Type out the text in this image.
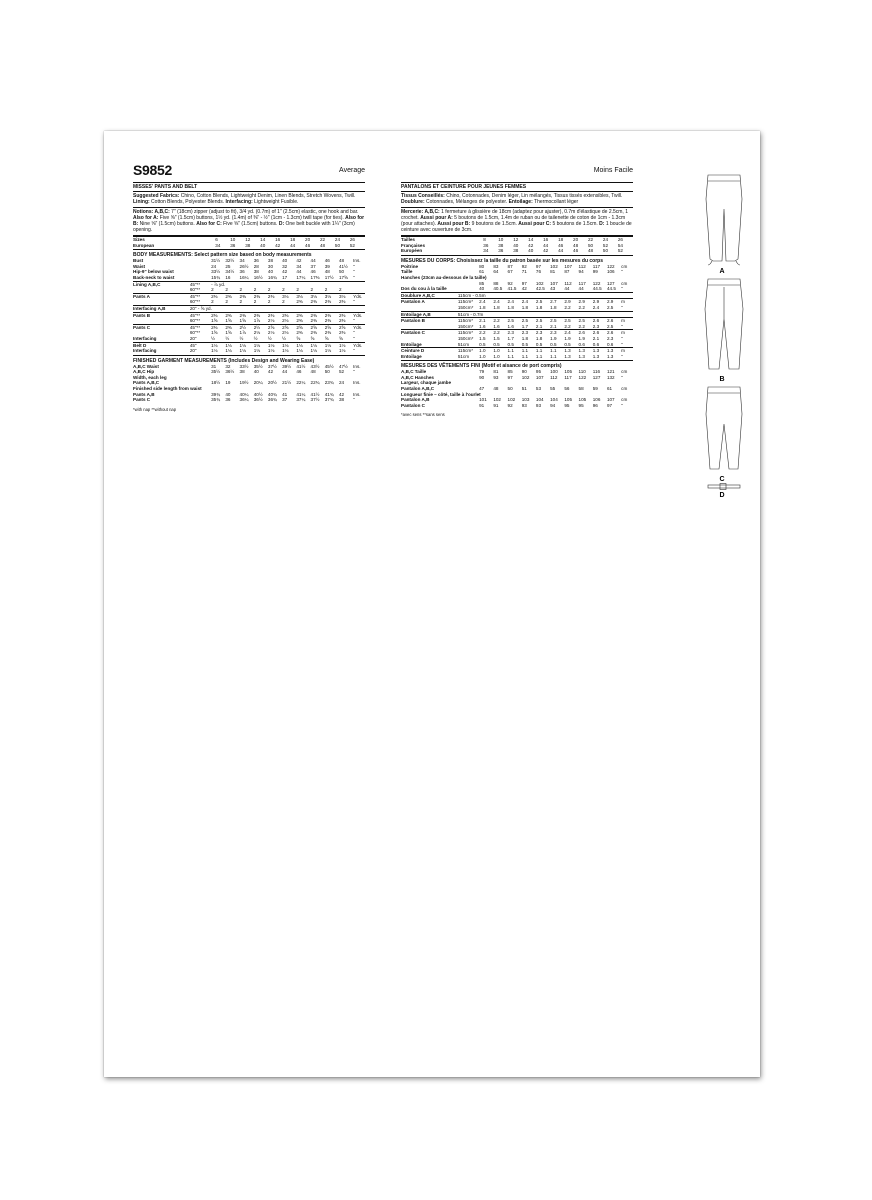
S9852	Average
MISSES' PANTS AND BELT
Suggested Fabrics: Chino, Cotton Blends, Lightweight Denim, Linen Blends, Stretch Wovens, Twill. Lining: Cotton Blends, Polyester Blends. Interfacing: Lightweight Fusible.
Notions: A,B,C: 7" (18cm) zipper (adjust to fit), 3/4 yd. (0.7m) of 1" (2.5cm) elastic, one hook and bar. Also for A: Five ⅝" (1.5cm) buttons, 1½ yd. (1.4m) of ⅜" - ½" (1cm - 1.3cm) twill tape (for ties). Also for B: Nine ⅝" (1.5cm) buttons. Also for C: Five ⅝" (1.5cm) buttons. D: One belt buckle with 1¼" (3cm) opening.
Sizes		6	10	12	14	16	18	20	22	24	26
European		34	36	38	40	42	44	46	48	50	52
BODY MEASUREMENTS: Select pattern size based on body measurements
Bust		31½	32½	34	36	38	40	42	44	46	48	Ins.
Waist		24	25	26½	28	30	32	34	37	39	41½	"
Hip-9" below waist		33½	34½	36	38	40	42	44	46	48	50	"
Back-neck to waist		15¾	16	16¼	16½	16¾	17	17¼	17⅜	17½	17⅝	"
Lining A,B,C	45"**	- ⅞ yd.										
	60"**	2	2	2	2	2	2	2	2	2	2	
Pants A	45"**	2⅜	2⅜	2⅜	2⅜	2⅜	3⅛	3⅛	3⅛	3⅛	3⅛	Yds.
	60"**	2	2	2	2	2	2	2⅜	2⅜	2⅜	2⅜	"
Interfacing A,B	20" - ⅝ yd.											
Pants B	45"**	2⅜	2⅜	2⅜	2⅜	2⅜	2⅜	2⅜	2⅜	2⅜	2⅜	Yds.
	60"**	1⅝	1⅝	1⅝	1⅞	2⅛	2⅛	2⅜	2⅜	2⅜	2⅜	"
Pants C	45"**	2⅜	2⅜	2½	2½	2⅝	2⅝	2⅝	2⅝	2⅝	2⅝	Yds.
	60"**	1⅝	1⅝	1⅞	2⅛	2⅛	2⅛	2⅜	2⅜	2⅜	2⅜	"
Interfacing	20"	½	½	½	½	½	½	⅝	⅝	⅝	⅝	"
Belt D	45"	1⅛	1⅛	1⅛	1⅛	1⅛	1⅛	1⅛	1⅛	1⅛	1⅛	Yds.
Interfacing	20"	1⅛	1⅛	1⅛	1⅛	1⅛	1⅛	1⅛	1⅛	1⅛	1⅛	"
FINISHED GARMENT MEASUREMENTS (Includes Design and Wearing Ease)
A,B,C Waist		31	32	33½	35½	37½	39½	41½	43½	45½	47½	Ins.
A,B,C Hip		35½	36½	38	40	42	44	46	48	50	52	"
Width, each leg												
Pants A,B,C		18½	19	19½	20¼	20½	21½	22¼	22¾	23¾	24	Ins.
Finished side length from waist												
Pants A,B		39¾	40	40¼	40½	40¾	41	41¼	41½	41¾	42	Ins.
Pants C		35¾	36	36¼	36½	36¾	37	37¼	37½	37¾	38	"
*with nap **without nap
Moins Facile
PANTALONS ET CEINTURE POUR JEUNES FEMMES
Tissus Conseillés: Chino, Cotonnades, Denim léger, Lin mélangés, Tissus tissés extensibles, Twill. Doublure: Cotonnades, Mélanges de polyester. Entoilage: Thermocollant léger
Mercerie: A,B,C: 1 fermeture à glissière de 18cm (adaptez pour ajuster), 0.7m d'élastique de 2.5cm, 1 crochet. Aussi pour A: 5 boutons de 1.5cm, 1.4m de ruban ou de tailenette de coton de 1cm - 1.3cm (pour attaches). Aussi pour B: 9 boutons de 1.5cm. Aussi pour C: 5 boutons de 1.5cm. D: 1 boucle de ceinture avec ouverture de 3cm.
Tailles		8	10	12	14	16	18	20	22	24	26
Françaises		36	38	40	42	44	46	48	50	52	54
Européen		34	36	38	40	42	44	46	48	50	52
MESURES DU CORPS: Choisissez la taille du patron basée sur les mesures du corps
Poitrine		80	83	87	92	97	102	107	112	117	122	cm
Taille		61	64	67	71	76	81	87	94	99	106	"
Hanches (23cm au-dessous de la taille)												
		85	88	92	97	102	107	112	117	122	127	cm
Dos du cou à la taille		40	40.5	41.5	42	42.5	43	44	44	44.5	44.5	"
Doublure A,B,C	115cm - 0.5m											
Pantalon A	115cm*	2.4	2.4	2.4	2.4	2.5	2.7	2.9	2.9	2.9	2.9	m
	150cm*	1.8	1.8	1.8	1.8	1.8	1.8	2.2	2.2	2.4	2.5	"
Entoilage A,B	51cm - 0.7m											
Pantalon B	115cm*	2.1	2.2	2.5	2.5	2.5	2.5	2.5	2.5	2.6	2.6	m
	150cm*	1.6	1.6	1.6	1.7	2.1	2.1	2.2	2.2	2.3	2.5	"
Pantalon C	115cm*	2.2	2.2	2.3	2.3	2.3	2.3	2.4	2.6	2.6	2.6	m
	150cm*	1.5	1.5	1.7	1.8	1.8	1.9	1.9	1.9	2.1	2.3	"
Entoilage	51cm	0.5	0.5	0.5	0.5	0.5	0.5	0.5	0.6	0.6	0.6	"
Ceinture D	115cm*	1.0	1.0	1.1	1.1	1.1	1.1	1.3	1.3	1.3	1.3	m
Entoilage	51cm	1.0	1.0	1.1	1.1	1.1	1.1	1.3	1.3	1.3	1.3	"
MESURES DES VÊTEMENTS FINI (Motif et aisance de port compris)
A,B,C Taille		79	81	85	90	95	100	105	110	116	121	cm
A,B,C Hanches		90	93	97	102	107	112	117	122	127	132	"
Largeur, chaque jambe												
Pantalon A,B,C		47	48	50	51	53	55	56	58	59	61	cm
Longueur finie – côté, taille à l'ourlet												
Pantalon A,B		101	102	102	103	104	104	105	105	106	107	cm
Pantalon C		91	91	92	93	93	94	95	95	96	97	"
*avec sens **sans sens
A
B
C
D
